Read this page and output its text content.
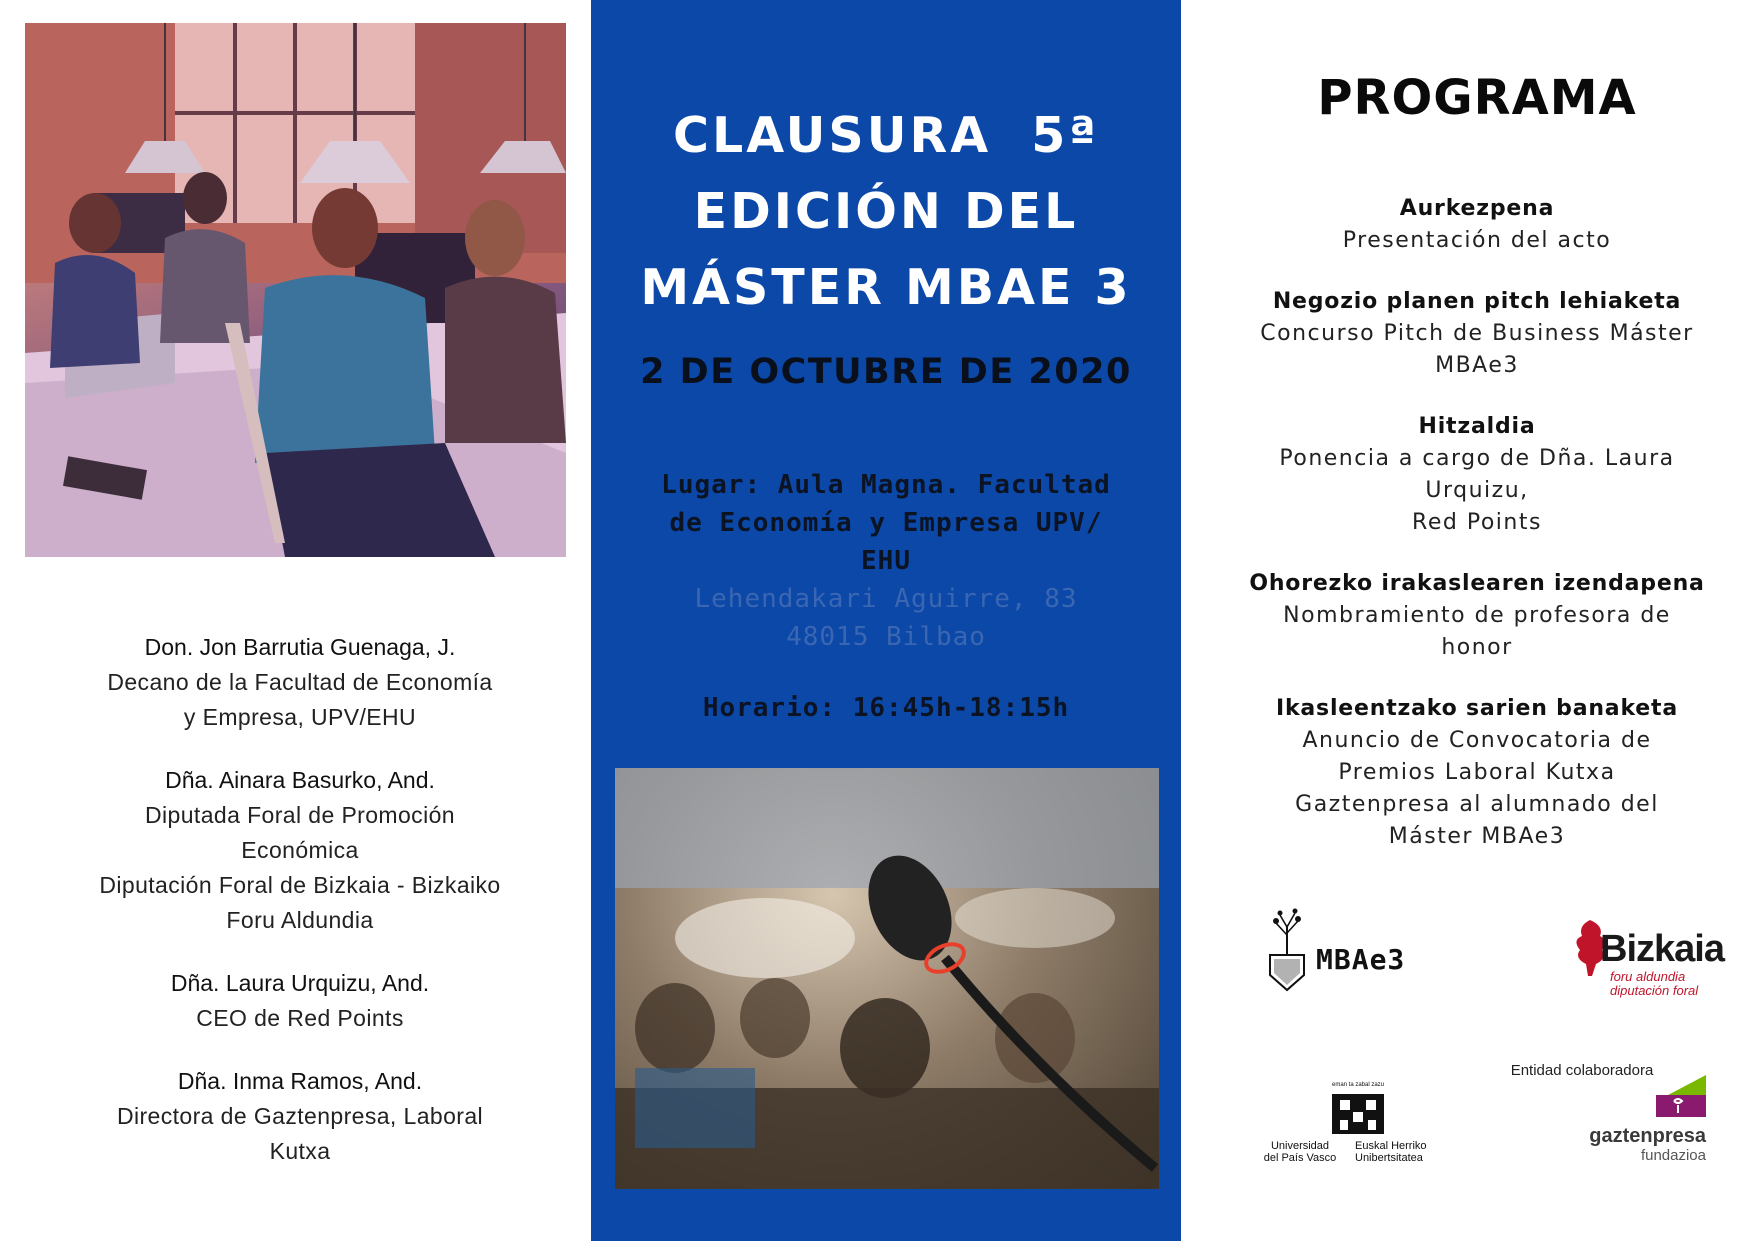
Don. Jon Barrutia Guenaga, J.
Decano de la Facultad de Economía
y Empresa, UPV/EHU
Dña. Ainara Basurko, And.
Diputada Foral de Promoción
Económica
Diputación Foral de Bizkaia - Bizkaiko
Foru Aldundia
Dña. Laura Urquizu, And.
CEO de Red Points
Dña. Inma Ramos, And.
Directora de Gaztenpresa, Laboral
Kutxa
CLAUSURA  5ª
EDICIÓN DEL
MÁSTER MBAE 3
2 DE OCTUBRE DE 2020
Lugar: Aula Magna. Facultad
de Economía y Empresa UPV/
EHU
Lehendakari Aguirre, 83
48015 Bilbao
Horario: 16:45h-18:15h
PROGRAMA
Aurkezpena
Presentación del acto
Negozio planen pitch lehiaketa
Concurso Pitch de Business Máster
MBAe3
Hitzaldia
Ponencia a cargo de Dña. Laura
Urquizu,
Red Points
Ohorezko irakaslearen izendapena
Nombramiento de profesora de
honor
Ikasleentzako sarien banaketa
Anuncio de Convocatoria de
Premios Laboral Kutxa
Gaztenpresa al alumnado del
Máster MBAe3
MBAe3	Bizkaia
foru aldundia
diputación foral
Entidad colaboradora
eman ta zabal zazu
Universidad
del País Vasco
Euskal Herriko
Unibertsitatea
gaztenpresa
fundazioa
